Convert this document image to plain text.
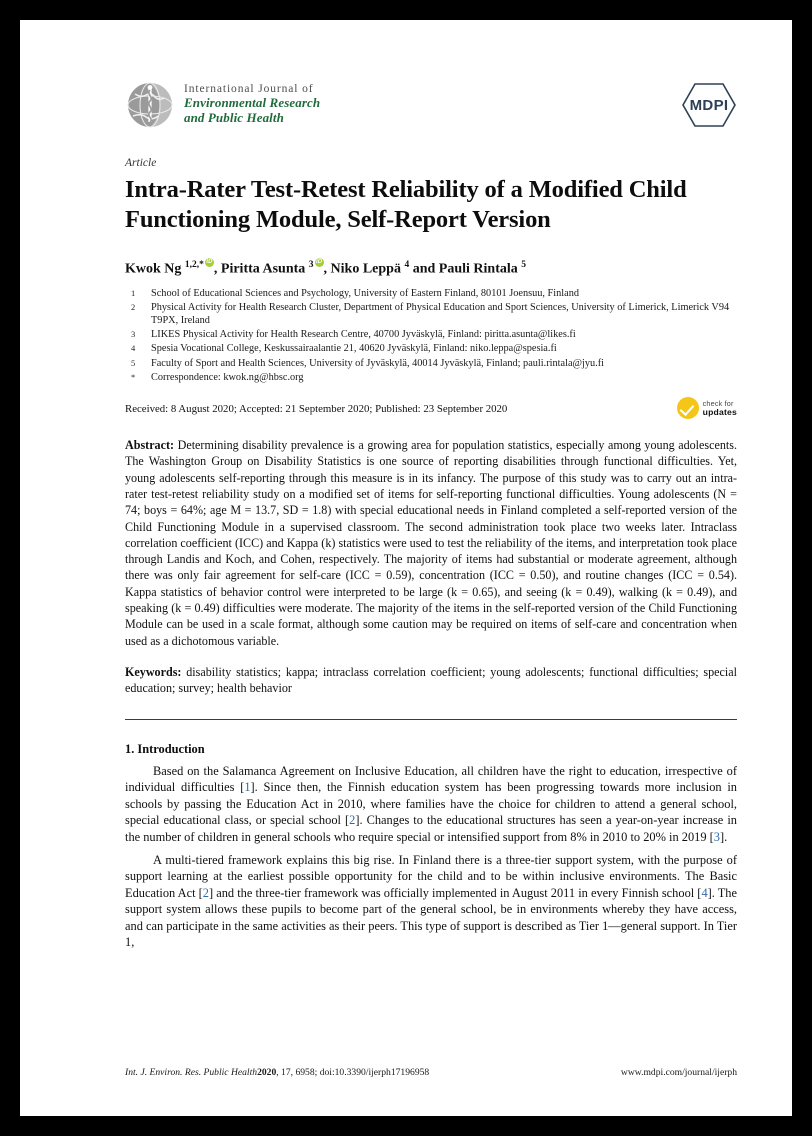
International Journal of
Environmental Research
and Public Health
MDPI
Article
Intra-Rater Test-Retest Reliability of a Modified Child Functioning Module, Self-Report Version
Kwok Ng $^{1,2,*}$ iD , Piritta Asunta $^3$ iD , Niko Leppä $^4$ and Pauli Rintala $^5$
1	School of Educational Sciences and Psychology, University of Eastern Finland, 80101 Joensuu, Finland
2	Physical Activity for Health Research Cluster, Department of Physical Education and Sport Sciences, University of Limerick, Limerick V94 T9PX, Ireland
3	LIKES Physical Activity for Health Research Centre, 40700 Jyväskylä, Finland: piritta.asunta@likes.fi
4	Spesia Vocational College, Keskussairaalantie 21, 40620 Jyväskylä, Finland: niko.leppa@spesia.fi
5	Faculty of Sport and Health Sciences, University of Jyväskylä, 40014 Jyväskylä, Finland; pauli.rintala@jyu.fi
*	Correspondence: kwok.ng@hbsc.org
Received: 8 August 2020; Accepted: 21 September 2020; Published: 23 September 2020	check for
updates
Abstract: Determining disability prevalence is a growing area for population statistics, especially among young adolescents. The Washington Group on Disability Statistics is one source of reporting disabilities through functional difficulties. Yet, young adolescents self-reporting through this measure is in its infancy. The purpose of this study was to carry out an intra-rater test-retest reliability study on a modified set of items for self-reporting functional difficulties. Young adolescents (N = 74; boys = 64%; age M = 13.7, SD = 1.8) with special educational needs in Finland completed a self-reported version of the Child Functioning Module in a supervised classroom. The second administration took place two weeks later. Intraclass correlation coefficient (ICC) and Kappa (k) statistics were used to test the reliability of the items, and interpretation took place through Landis and Koch, and Cohen, respectively. The majority of items had substantial or moderate agreement, although there was only fair agreement for self-care (ICC = 0.59), concentration (ICC = 0.50), and routine changes (ICC = 0.54). Kappa statistics of behavior control were interpreted to be large (k = 0.65), and seeing (k = 0.49), walking (k = 0.49), and speaking (k = 0.49) difficulties were moderate. The majority of the items in the self-reported version of the Child Functioning Module can be used in a scale format, although some caution may be required on items of self-care and concentration when used as a dichotomous variable.
Keywords: disability statistics; kappa; intraclass correlation coefficient; young adolescents; functional difficulties; special education; survey; health behavior
1. Introduction

Based on the Salamanca Agreement on Inclusive Education, all children have the right to education, irrespective of individual difficulties [1]. Since then, the Finnish education system has been progressing towards more inclusion in schools by passing the Education Act in 2010, where families have the choice for children to attend a general school, special educational class, or special school [2]. Changes to the educational structures has seen a year-on-year increase in the number of children in general schools who require special or intensified support from 8% in 2010 to 20% in 2019 [3].

A multi-tiered framework explains this big rise. In Finland there is a three-tier support system, with the purpose of support learning at the earliest possible opportunity for the child and to be within inclusive environments. The Basic Education Act [2] and the three-tier framework was officially implemented in August 2011 in every Finnish school [4]. The support system allows these pupils to become part of the general school, be in environments whereby they have access, and can participate in the same activities as their peers. This type of support is described as Tier 1—general support. In Tier 1,

Int. J. Environ. Res. Public Health2020, 17, 6958; doi:10.3390/ijerph17196958	www.mdpi.com/journal/ijerph
